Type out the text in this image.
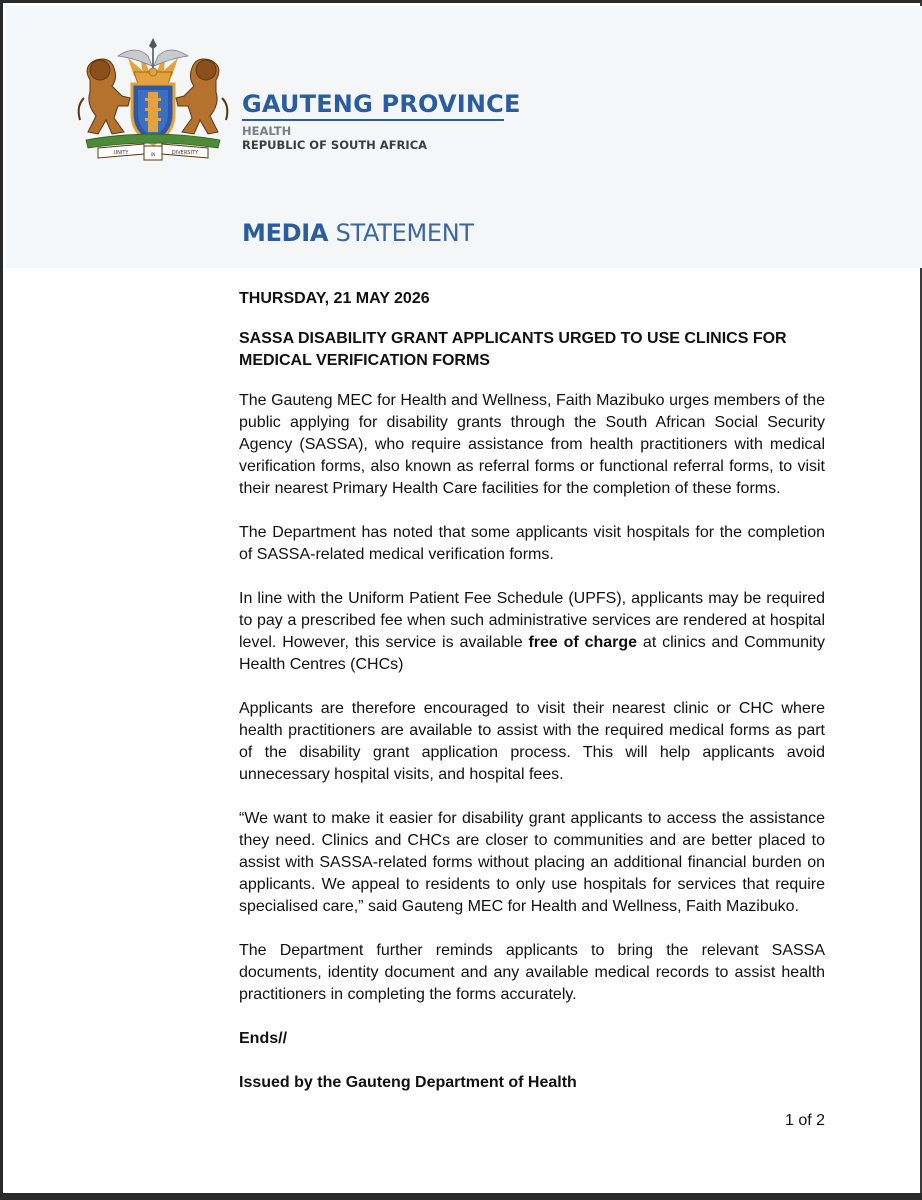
UNITY	IN	DIVERSITY
GAUTENG PROVINCE
HEALTH
REPUBLIC OF SOUTH AFRICA
MEDIA STATEMENT

THURSDAY, 21 MAY 2026

SASSA DISABILITY GRANT APPLICANTS URGED TO USE CLINICS FOR MEDICAL VERIFICATION FORMS

The Gauteng MEC for Health and Wellness, Faith Mazibuko urges members of the public applying for disability grants through the South African Social Security Agency (SASSA), who require assistance from health practitioners with medical verification forms, also known as referral forms or functional referral forms, to visit their nearest Primary Health Care facilities for the completion of these forms.

The Department has noted that some applicants visit hospitals for the completion of SASSA-related medical verification forms.

In line with the Uniform Patient Fee Schedule (UPFS), applicants may be required to pay a prescribed fee when such administrative services are rendered at hospital level. However, this service is available free of charge at clinics and Community Health Centres (CHCs)

Applicants are therefore encouraged to visit their nearest clinic or CHC where health practitioners are available to assist with the required medical forms as part of the disability grant application process. This will help applicants avoid unnecessary hospital visits, and hospital fees.

“We want to make it easier for disability grant applicants to access the assistance they need. Clinics and CHCs are closer to communities and are better placed to assist with SASSA-related forms without placing an additional financial burden on applicants. We appeal to residents to only use hospitals for services that require specialised care,” said Gauteng MEC for Health and Wellness, Faith Mazibuko.

The Department further reminds applicants to bring the relevant SASSA documents, identity document and any available medical records to assist health practitioners in completing the forms accurately.

Ends//

Issued by the Gauteng Department of Health

1 of 2
